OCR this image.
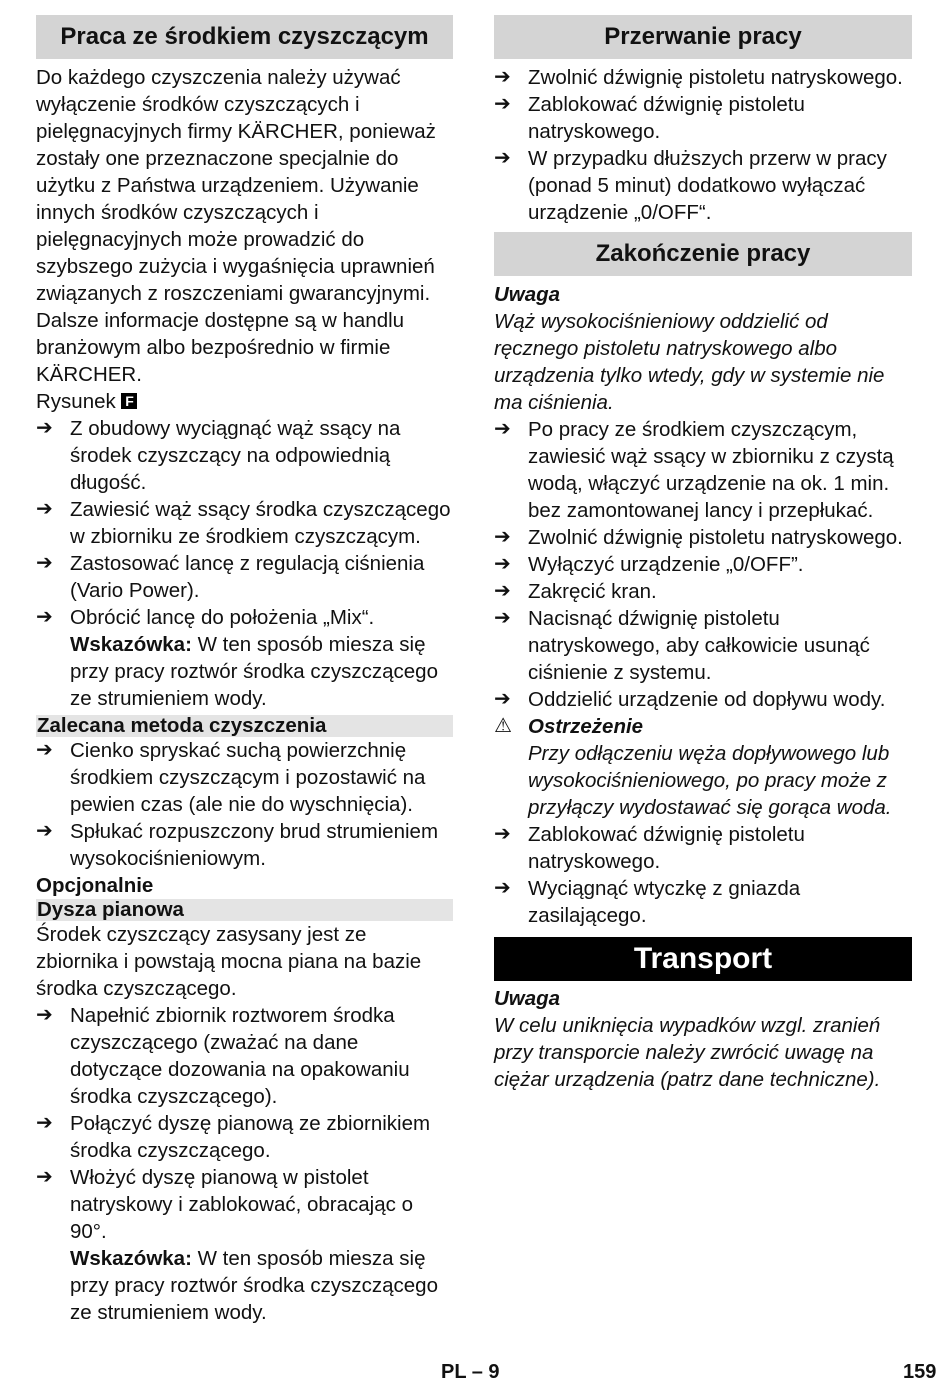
Praca ze środkiem czyszczącym

Do każdego czyszczenia należy używać wyłączenie środków czyszczących i pielęgnacyjnych firmy KÄRCHER, ponieważ zostały one przeznaczone specjalnie do użytku z Państwa urządzeniem. Używanie innych środków czyszczących i pielęgnacyjnych może prowadzić do szybszego zużycia i wygaśnięcia uprawnień związanych z roszczeniami gwarancyjnymi. Dalsze informacje dostępne są w handlu branżowym albo bezpośrednio w firmie KÄRCHER.
Rysunek F

➔ Z obudowy wyciągnąć wąż ssący na środek czyszczący na odpowiednią długość.
➔ Zawiesić wąż ssący środka czyszczącego w zbiorniku ze środkiem czyszczącym.
➔ Zastosować lancę z regulacją ciśnienia (Vario Power).
➔ Obrócić lancę do położenia „Mix“.
Wskazówka: W ten sposób miesza się przy pracy roztwór środka czyszczącego ze strumieniem wody.
Zalecana metoda czyszczenia
➔ Cienko spryskać suchą powierzchnię środkiem czyszczącym i pozostawić na pewien czas (ale nie do wyschnięcia).
➔ Spłukać rozpuszczony brud strumieniem wysokociśnieniowym.

Opcjonalnie

Dysza pianowa

Środek czyszczący zasysany jest ze zbiornika i powstają mocna piana na bazie środka czyszczącego.

➔ Napełnić zbiornik roztworem środka czyszczącego (zważać na dane dotyczące dozowania na opakowaniu środka czyszczącego).
➔ Połączyć dyszę pianową ze zbiornikiem środka czyszczącego.
➔ Włożyć dyszę pianową w pistolet natryskowy i zablokować, obracając o 90°.
Wskazówka: W ten sposób miesza się przy pracy roztwór środka czyszczącego ze strumieniem wody.
Przerwanie pracy
➔ Zwolnić dźwignię pistoletu natryskowego.
➔ Zablokować dźwignię pistoletu natryskowego.
➔ W przypadku dłuższych przerw w pracy (ponad 5 minut) dodatkowo wyłączać urządzenie „0/OFF“.
Zakończenie pracy

Uwaga

Wąż wysokociśnieniowy oddzielić od ręcznego pistoletu natryskowego albo urządzenia tylko wtedy, gdy w systemie nie ma ciśnienia.

➔ Po pracy ze środkiem czyszczącym, zawiesić wąż ssący w zbiorniku z czystą wodą, włączyć urządzenie na ok. 1 min. bez zamontowanej lancy i przepłukać.
➔ Zwolnić dźwignię pistoletu natryskowego.
➔ Wyłączyć urządzenie „0/OFF”.
➔ Zakręcić kran.
➔ Nacisnąć dźwignię pistoletu natryskowego, aby całkowicie usunąć ciśnienie z systemu.
➔ Oddzielić urządzenie od dopływu wody.
⚠ Ostrzeżenie
Przy odłączeniu węża dopływowego lub wysokociśnieniowego, po pracy może z przyłączy wydostawać się gorąca woda.
➔ Zablokować dźwignię pistoletu natryskowego.
➔ Wyciągnąć wtyczkę z gniazda zasilającego.
Transport

Uwaga

W celu uniknięcia wypadków wzgl. zranień przy transporcie należy zwrócić uwagę na ciężar urządzenia (patrz dane techniczne).

PL – 9	159
